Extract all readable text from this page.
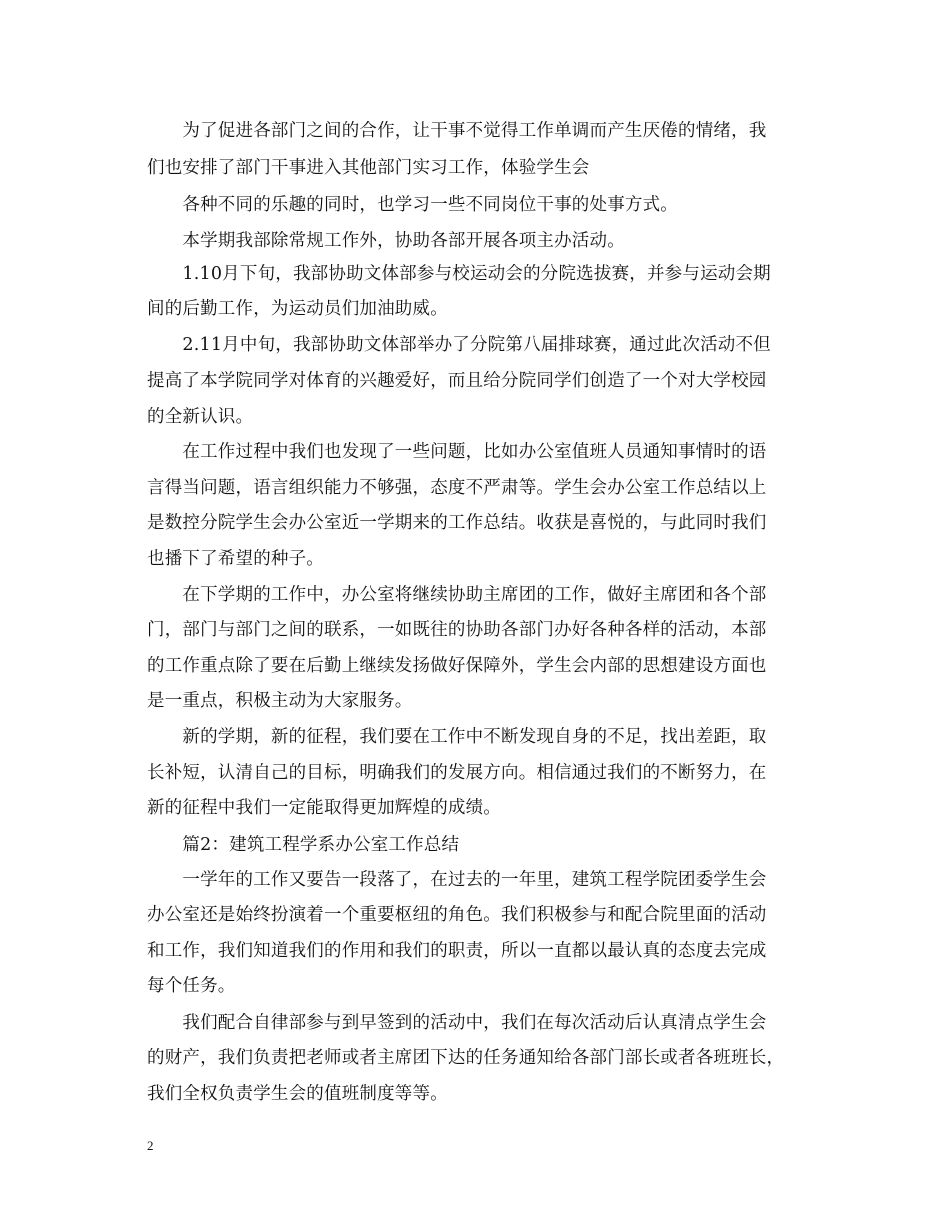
　　为了促进各部门之间的合作，让干事不觉得工作单调而产生厌倦的情绪，我
们也安排了部门干事进入其他部门实习工作，体验学生会
　　各种不同的乐趣的同时，也学习一些不同岗位干事的处事方式。
　　本学期我部除常规工作外，协助各部开展各项主办活动。
　　1.10月下旬，我部协助文体部参与校运动会的分院选拔赛，并参与运动会期
间的后勤工作，为运动员们加油助威。
　　2.11月中旬，我部协助文体部举办了分院第八届排球赛，通过此次活动不但
提高了本学院同学对体育的兴趣爱好，而且给分院同学们创造了一个对大学校园
的全新认识。
　　在工作过程中我们也发现了一些问题，比如办公室值班人员通知事情时的语
言得当问题，语言组织能力不够强，态度不严肃等。学生会办公室工作总结以上
是数控分院学生会办公室近一学期来的工作总结。收获是喜悦的，与此同时我们
也播下了希望的种子。
　　在下学期的工作中，办公室将继续协助主席团的工作，做好主席团和各个部
门，部门与部门之间的联系，一如既往的协助各部门办好各种各样的活动，本部
的工作重点除了要在后勤上继续发扬做好保障外，学生会内部的思想建设方面也
是一重点，积极主动为大家服务。
　　新的学期，新的征程，我们要在工作中不断发现自身的不足，找出差距，取
长补短，认清自己的目标，明确我们的发展方向。相信通过我们的不断努力，在
新的征程中我们一定能取得更加辉煌的成绩。
　　篇2：建筑工程学系办公室工作总结
　　一学年的工作又要告一段落了，在过去的一年里，建筑工程学院团委学生会
办公室还是始终扮演着一个重要枢纽的角色。我们积极参与和配合院里面的活动
和工作，我们知道我们的作用和我们的职责，所以一直都以最认真的态度去完成
每个任务。
　　我们配合自律部参与到早签到的活动中，我们在每次活动后认真清点学生会
的财产，我们负责把老师或者主席团下达的任务通知给各部门部长或者各班班长，
我们全权负责学生会的值班制度等等。
2
